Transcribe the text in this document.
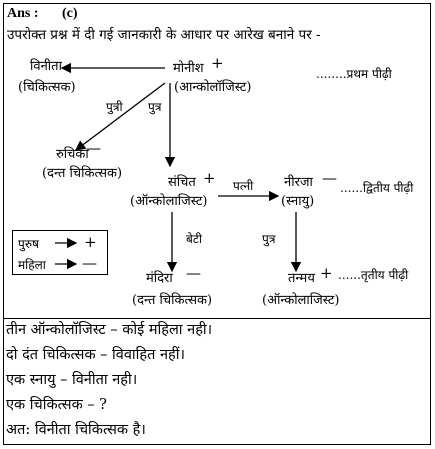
Ans : (c)
उपरोक्त प्रश्न में दी गई जानकारी के आधार पर आरेख बनाने पर -
विनीता
(चिकित्सक)
मोनीश +
(आन्कोलॉजिस्ट)
........प्रथम पीढ़ी
पुत्री पुत्र
रुचिका
—
(दन्त चिकित्सक)
संचित +
(ऑन्कोलाजिस्ट)
पत्नी नीरजा —
(स्नायु)
......द्वितीय पीढ़ी
बेटी	पुत्र
मंदिरा —
(दन्त चिकित्सक)
तन्मय +
(ऑन्कोलाजिस्ट)
......तृतीय पीढ़ी
पुरुष	+
महिला —
तीन ऑन्कोलॉजिस्ट – कोई महिला नही।
दो दंत चिकित्सक – विवाहित नहीं।
एक स्नायु – विनीता नही।
एक चिकित्सक – ?
अत: विनीता चिकित्सक है।
